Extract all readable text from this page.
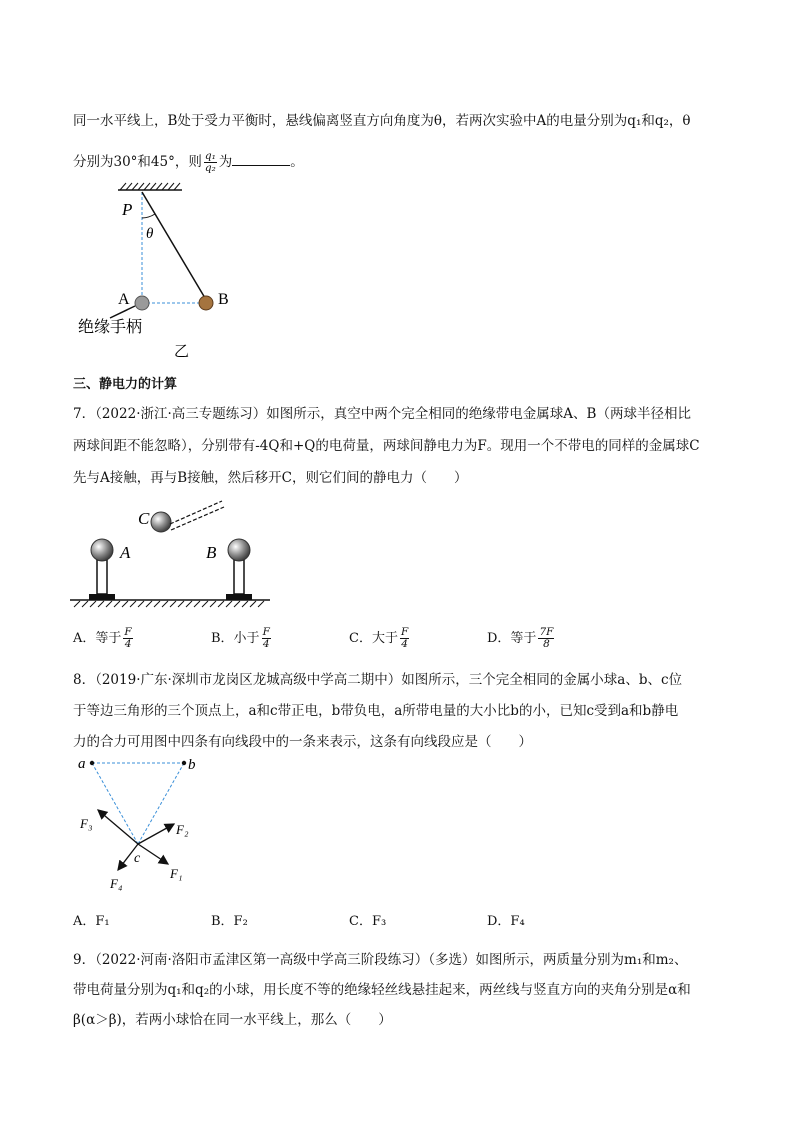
同一水平线上，B处于受力平衡时，悬线偏离竖直方向角度为θ，若两次实验中A的电量分别为q₁和q₂，θ
分别为30°和45°，则 $\frac{\text{q₁}}{\text{q₂}}$ 为	。
P
θ
A	B
绝缘手柄
乙
三、静电力的计算
7．（2022·浙江·高三专题练习）如图所示，真空中两个完全相同的绝缘带电金属球A、B（两球半径相比
两球间距不能忽略），分别带有-4Q和+Q的电荷量，两球间静电力为F。现用一个不带电的同样的金属球C
先与A接触，再与B接触，然后移开C，则它们间的静电力（　　）
A	B
C
A．等于 $\frac{F}{4}$	B．小于 $\frac{F}{4}$	C．大于 $\frac{F}{4}$	D．等于 $\frac{7F}{8}$
8．（2019·广东·深圳市龙岗区龙城高级中学高二期中）如图所示，三个完全相同的金属小球a、b、c位
于等边三角形的三个顶点上，a和c带正电，b带负电，a所带电量的大小比b的小，已知c受到a和b静电
力的合力可用图中四条有向线段中的一条来表示，这条有向线段应是（　　）
a	b
c
F₁
F₂
F₃
F₄
A．F₁	B．F₂	C．F₃	D．F₄
9．（2022·河南·洛阳市孟津区第一高级中学高三阶段练习）（多选）如图所示，两质量分别为m₁和m₂、
带电荷量分别为q₁和q₂的小球，用长度不等的绝缘轻丝线悬挂起来，两丝线与竖直方向的夹角分别是α和
β(α＞β)，若两小球恰在同一水平线上，那么（　　）
